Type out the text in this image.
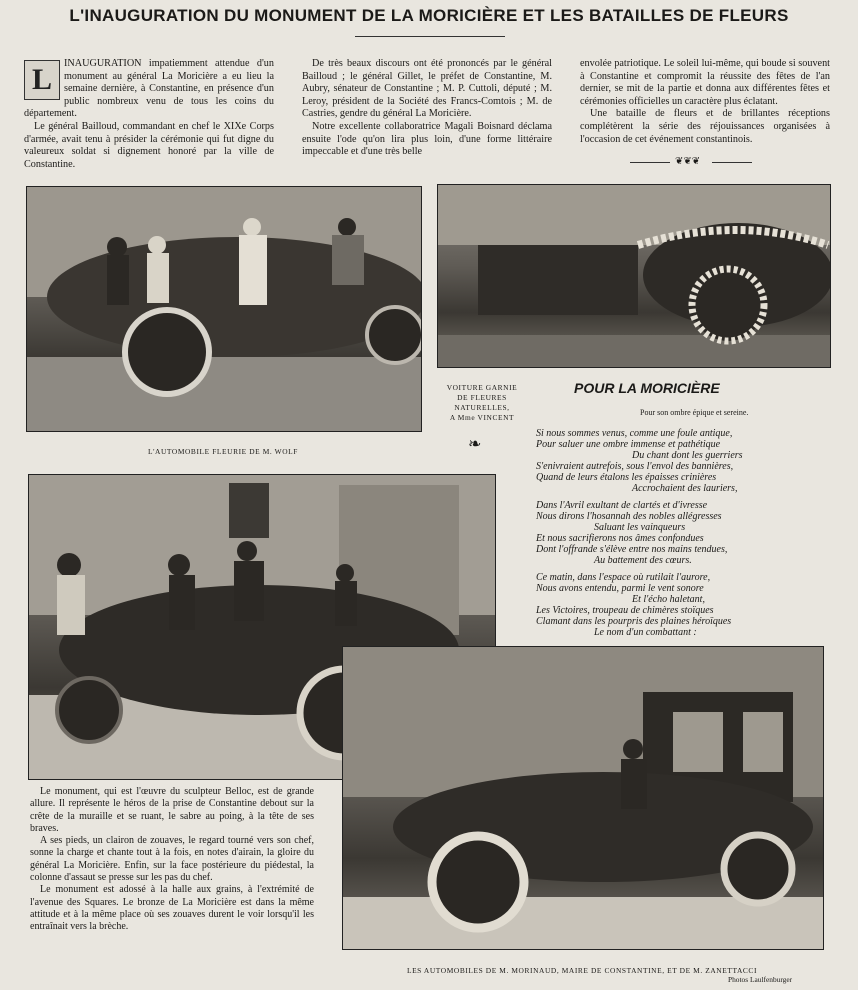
L'INAUGURATION DU MONUMENT DE LA MORICIÈRE ET LES BATAILLES DE FLEURS
L	INAUGURATION impatiemment attendue d'un monument au général La Moricière a eu lieu la semaine dernière, à Constantine, en présence d'un public nombreux venu de tous les coins du département.

Le général Bailloud, commandant en chef le XIXe Corps d'armée, avait tenu à présider la cérémonie qui fut digne du valeureux soldat si dignement honoré par la ville de Constantine.

De très beaux discours ont été prononcés par le général Bailloud ; le général Gillet, le préfet de Constantine, M. Aubry, sénateur de Constantine ; M. P. Cuttoli, député ; M. Leroy, président de la Société des Francs-Comtois ; M. de Castries, gendre du général La Moricière.

Notre excellente collaboratrice Magali Boisnard déclama ensuite l'ode qu'on lira plus loin, d'une forme littéraire impeccable et d'une très belle

envolée patriotique. Le soleil lui-même, qui boude si souvent à Constantine et compromit la réussite des fêtes de l'an dernier, se mit de la partie et donna aux différentes fêtes et cérémonies officielles un caractère plus éclatant.

Une bataille de fleurs et de brillantes réceptions complétèrent la série des réjouissances organisées à l'occasion de cet événement constantinois.

❦❦❦
L'AUTOMOBILE FLEURIE DE M. WOLF
VOITURE GARNIE
DE FLEURES
NATURELLES,
A Mme VINCENT
❧
POUR LA MORICIÈRE
Pour son ombre épique et sereine.
Si nous sommes venus, comme une foule antique,
Pour saluer une ombre immense et pathétique
Du chant dont les guerriers
S'enivraient autrefois, sous l'envol des bannières,
Quand de leurs étalons les épaisses crinières
Accrochaient des lauriers,
Dans l'Avril exultant de clartés et d'ivresse
Nous dirons l'hosannah des nobles allégresses
Saluant les vainqueurs
Et nous sacrifierons nos âmes confondues
Dont l'offrande s'élève entre nos mains tendues,
Au battement des cœurs.
Ce matin, dans l'espace où rutilait l'aurore,
Nous avons entendu, parmi le vent sonore
Et l'écho haletant,
Les Victoires, troupeau de chimères stoïques
Clamant dans les pourpris des plaines héroïques
Le nom d'un combattant :

Le monument, qui est l'œuvre du sculpteur Belloc, est de grande allure. Il représente le héros de la prise de Constantine debout sur la crête de la muraille et se ruant, le sabre au poing, à la tête de ses braves.

A ses pieds, un clairon de zouaves, le regard tourné vers son chef, sonne la charge et chante tout à la fois, en notes d'airain, la gloire du général La Moricière. Enfin, sur la face postérieure du piédestal, la colonne d'assaut se presse sur les pas du chef.

Le monument est adossé à la halle aux grains, à l'extrémité de l'avenue des Squares. Le bronze de La Moricière est dans la même attitude et à la même place où ses zouaves durent le voir lorsqu'il les entraînait vers la brèche.

LES AUTOMOBILES DE M. MORINAUD, MAIRE DE CONSTANTINE, ET DE M. ZANETTACCI
Photos Laulfenburger
